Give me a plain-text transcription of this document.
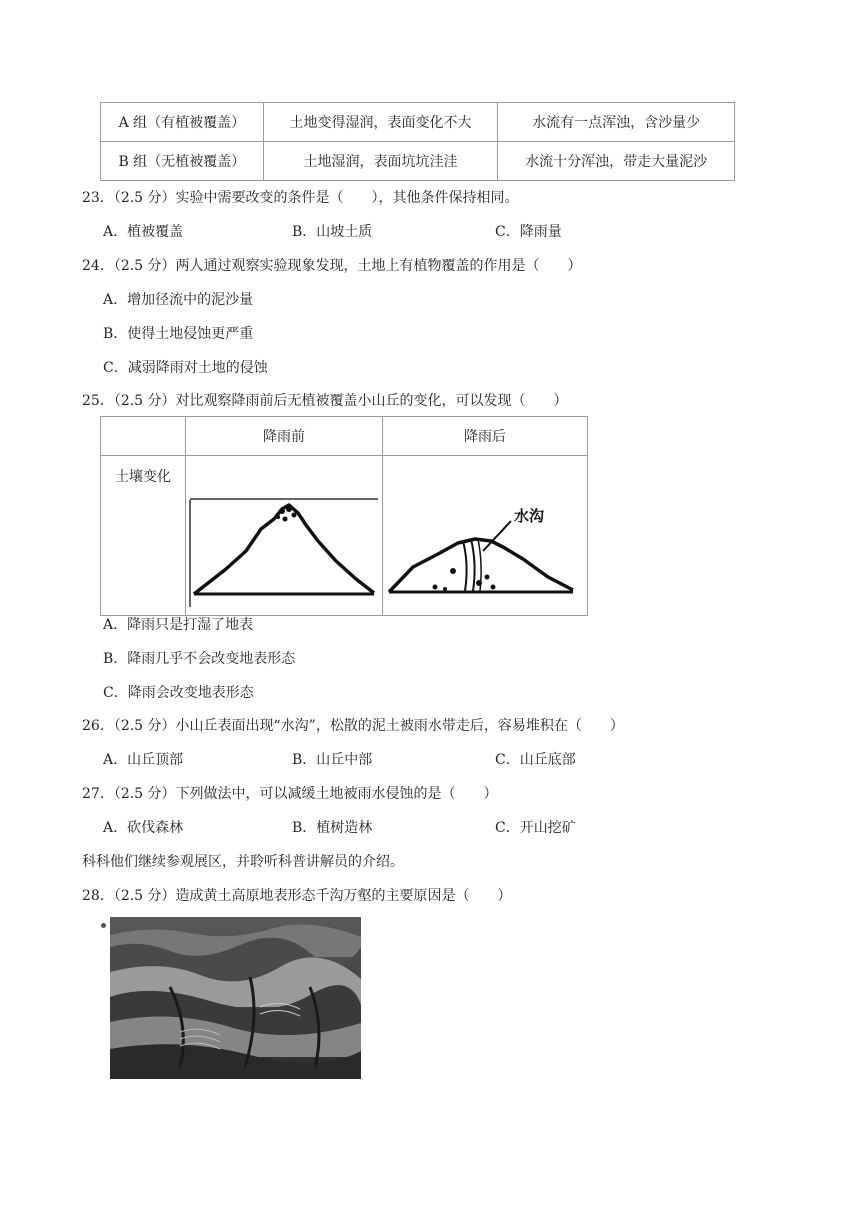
A 组（有植被覆盖）	土地变得湿润，表面变化不大	水流有一点浑浊，含沙量少
B 组（无植被覆盖）	土地湿润，表面坑坑洼洼	水流十分浑浊，带走大量泥沙
23．（2.5 分）实验中需要改变的条件是（　　），其他条件保持相同。
A．植被覆盖	B．山坡土质	C．降雨量
24．（2.5 分）两人通过观察实验现象发现，土地上有植物覆盖的作用是（　　）
A．增加径流中的泥沙量
B．使得土地侵蚀更严重
C．减弱降雨对土地的侵蚀
25．（2.5 分）对比观察降雨前后无植被覆盖小山丘的变化，可以发现（　　）
	降雨前	降雨后
土壤变化		水沟
A．降雨只是打湿了地表
B．降雨几乎不会改变地表形态
C．降雨会改变地表形态
26．（2.5 分）小山丘表面出现“水沟”，松散的泥土被雨水带走后，容易堆积在（　　）
A．山丘顶部	B．山丘中部	C．山丘底部
27．（2.5 分）下列做法中，可以减缓土地被雨水侵蚀的是（　　）
A．砍伐森林	B．植树造林	C．开山挖矿
科科他们继续参观展区，并聆听科普讲解员的介绍。
28．（2.5 分）造成黄土高原地表形态千沟万壑的主要原因是（　　）
